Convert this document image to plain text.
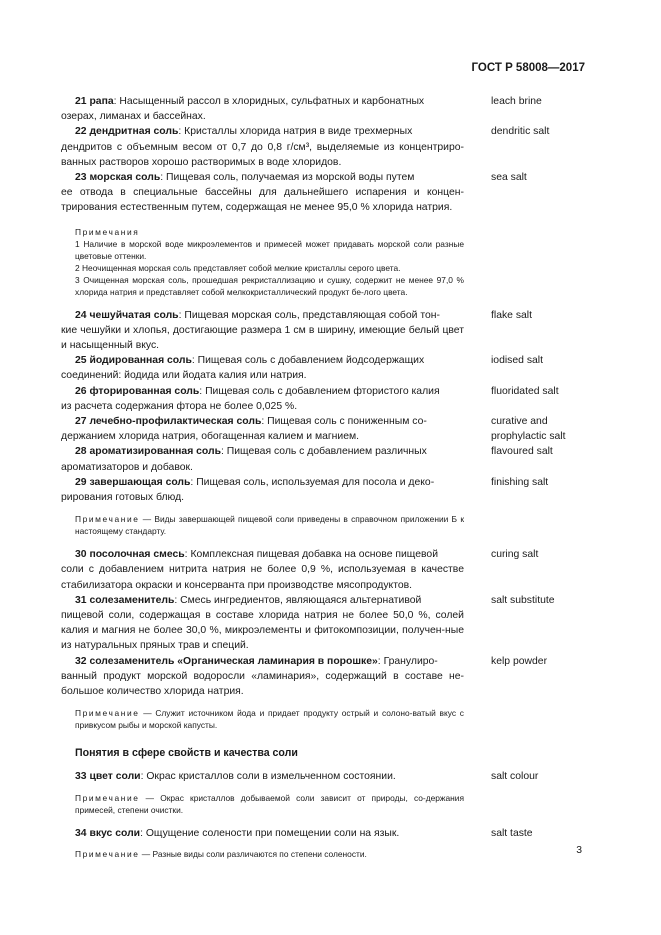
ГОСТ Р 58008—2017
21 рапа: Насыщенный рассол в хлоридных, сульфатных и карбонатных
озерах, лиманах и бассейнах.
leach brine
22 дендритная соль: Кристаллы хлорида натрия в виде трехмерных
дендритов с объемным весом от 0,7 до 0,8 г/см³, выделяемые из концентриро-ванных растворов хорошо растворимых в воде хлоридов.
dendritic salt
23 морская соль: Пищевая соль, получаемая из морской воды путем
ее отвода в специальные бассейны для дальнейшего испарения и концен-трирования естественным путем, содержащая не менее 95,0 % хлорида натрия.
sea salt
Примечания
1 Наличие в морской воде микроэлементов и примесей может придавать морской соли разные цветовые оттенки.
2 Неочищенная морская соль представляет собой мелкие кристаллы серого цвета.
3 Очищенная морская соль, прошедшая рекристаллизацию и сушку, содержит не менее 97,0 % хлорида натрия и представляет собой мелкокристаллический продукт бе-лого цвета.
24 чешуйчатая соль: Пищевая морская соль, представляющая собой тон-
кие чешуйки и хлопья, достигающие размера 1 см в ширину, имеющие белый цвет и насыщенный вкус.
flake salt
25 йодированная соль: Пищевая соль с добавлением йодсодержащих
соединений: йодида или йодата калия или натрия.
iodised salt
26 фторированная соль: Пищевая соль с добавлением фтористого калия
из расчета содержания фтора не более 0,025 %.
fluoridated salt
27 лечебно-профилактическая соль: Пищевая соль с пониженным со-
держанием хлорида натрия, обогащенная калием и магнием.
curative and prophylactic salt
28 ароматизированная соль: Пищевая соль с добавлением различных
ароматизаторов и добавок.
flavoured salt
29 завершающая соль: Пищевая соль, используемая для посола и деко-
рирования готовых блюд.
finishing salt
Примечание — Виды завершающей пищевой соли приведены в справочном приложении Б к настоящему стандарту.
30 посолочная смесь: Комплексная пищевая добавка на основе пищевой
соли с добавлением нитрита натрия не более 0,9 %, используемая в качестве стабилизатора окраски и консерванта при производстве мясопродуктов.
curing salt
31 солезаменитель: Смесь ингредиентов, являющаяся альтернативой
пищевой соли, содержащая в составе хлорида натрия не более 50,0 %, солей калия и магния не более 30,0 %, микроэлементы и фитокомпозиции, получен-ные из натуральных пряных трав и специй.
salt substitute
32 солезаменитель «Органическая ламинария в порошке»: Гранулиро-
ванный продукт морской водоросли «ламинария», содержащий в составе не-большое количество хлорида натрия.
kelp powder
Примечание — Служит источником йода и придает продукту острый и солоно-ватый вкус с привкусом рыбы и морской капусты.
Понятия в сфере свойств и качества соли
33 цвет соли: Окрас кристаллов соли в измельченном состоянии.	salt colour
Примечание — Окрас кристаллов добываемой соли зависит от природы, со-держания примесей, степени очистки.
34 вкус соли: Ощущение солености при помещении соли на язык.	salt taste
Примечание — Разные виды соли различаются по степени солености.	3
